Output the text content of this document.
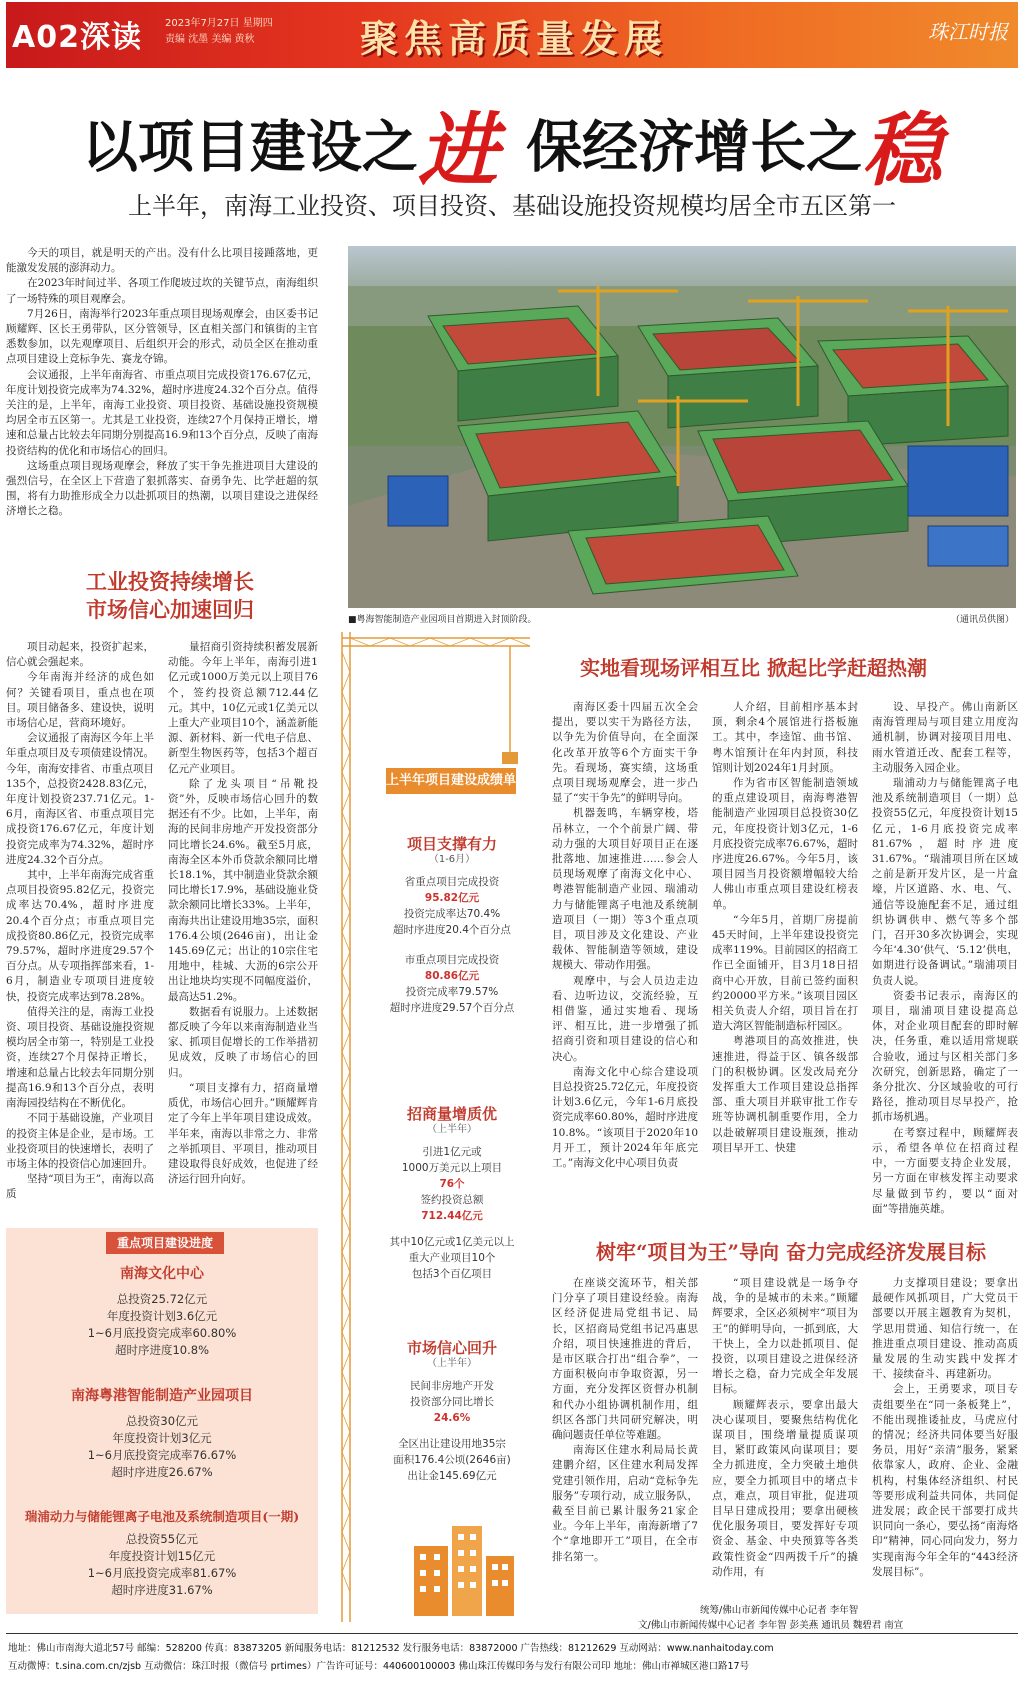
A02深读 2023年7月27日 星期四
责编 沈墨 美编 黄秋	聚焦高质量发展	珠江时报
以项目建设之进 保经济增长之稳
上半年，南海工业投资、项目投资、基础设施投资规模均居全市五区第一

今天的项目，就是明天的产出。没有什么比项目接踵落地，更能激发发展的澎湃动力。

在2023年时间过半、各项工作爬坡过坎的关键节点，南海组织了一场特殊的项目观摩会。

7月26日，南海举行2023年重点项目现场观摩会，由区委书记顾耀辉、区长王勇带队，区分管领导，区直相关部门和镇街的主官悉数参加，以先观摩项目、后组织开会的形式，动员全区在推动重点项目建设上竞标争先、赛龙夺锦。

会议通报，上半年南海省、市重点项目完成投资176.67亿元，年度计划投资完成率为74.32%，超时序进度24.32个百分点。值得关注的是，上半年，南海工业投资、项目投资、基础设施投资规模均居全市五区第一。尤其是工业投资，连续27个月保持正增长，增速和总量占比较去年同期分别提高16.9和13个百分点，反映了南海投资结构的优化和市场信心的回归。

这场重点项目现场观摩会，释放了实干争先推进项目大建设的强烈信号，在全区上下营造了狠抓落实、奋勇争先、比学赶超的氛围，将有力助推形成全力以赴抓项目的热潮，以项目建设之进保经济增长之稳。

■粤海智能制造产业园项目首期进入封顶阶段。	（通讯员供图）
工业投资持续增长
市场信心加速回归

项目动起来，投资扩起来，信心就会强起来。

今年南海并经济的成色如何？关键看项目，重点也在项目。项目储备多、建设快，说明市场信心足，营商环境好。

会议通报了南海区今年上半年重点项目及专项债建设情况。今年，南海安排省、市重点项目135个，总投资2428.83亿元，年度计划投资237.71亿元。1-6月，南海区省、市重点项目完成投资176.67亿元，年度计划投资完成率为74.32%，超时序进度24.32个百分点。

其中，上半年南海完成省重点项目投资95.82亿元，投资完成率达70.4%，超时序进度20.4个百分点；市重点项目完成投资80.86亿元，投资完成率79.57%，超时序进度29.57个百分点。从专项指挥部来看，1-6月，制造业专项项目进度较快，投资完成率达到78.28%。

值得关注的是，南海工业投资、项目投资、基础设施投资规模均居全市第一，特别是工业投资，连续27个月保持正增长，增速和总量占比较去年同期分别提高16.9和13个百分点，表明南海园投结构在不断优化。

不同于基础设施，产业项目的投资主体是企业，是市场。工业投资项目的快速增长，表明了市场主体的投资信心加速回升。

坚持“项目为王”，南海以高质

量招商引资持续积蓄发展新动能。今年上半年，南海引进1亿元或1000万美元以上项目76个，签约投资总额712.44亿元。其中，10亿元或1亿美元以上重大产业项目10个，涵盖新能源、新材料、新一代电子信息、新型生物医药等，包括3个超百亿元产业项目。

除了龙头项目“吊靴投资”外，反映市场信心回升的数据还有不少。比如，上半年，南海的民间非房地产开发投资部分同比增长24.6%。截至5月底，南海全区本外币贷款余额同比增长18.1%，其中制造业贷款余额同比增长17.9%，基础设施业贷款余额同比增长33%。上半年，南海共出让建设用地35宗，面积176.4公顷(2646亩)，出让金145.69亿元；出让的10宗住宅用地中，桂城、大沥的6宗公开出让地块均实现不同幅度溢价，最高达51.2%。

数据看有说服力。上述数据都反映了今年以来南海制造业当家、抓项目促增长的工作举措初见成效，反映了市场信心的回归。

“项目支撑有力，招商量增质优，市场信心回升。”顾耀辉肯定了今年上半年项目建设成效。半年来，南海以非常之力、非常之举抓项目、平项目，推动项目建设取得良好成效，也促进了经济运行回升向好。

上半年项目建设成绩单
项目支撑有力
（1-6月）
省重点项目完成投资
95.82亿元
投资完成率达70.4%
超时序进度20.4个百分点
市重点项目完成投资
80.86亿元
投资完成率79.57%
超时序进度29.57个百分点
招商量增质优
（上半年）
引进1亿元或
1000万美元以上项目
76个
签约投资总额
712.44亿元
其中10亿元或1亿美元以上
重大产业项目10个
包括3个百亿项目
市场信心回升
（上半年）
民间非房地产开发
投资部分同比增长
24.6%
全区出让建设用地35宗
面积176.4公顷(2646亩)
出让金145.69亿元
实地看现场评相互比 掀起比学赶超热潮

南海区委十四届五次全会提出，要以实干为路径方法，以争先为价值导向，在全面深化改革开放等6个方面实干争先。看现场，赛实绩，这场重点项目现场观摩会，进一步凸显了“实干争先”的鲜明导向。

机器轰鸣，车辆穿梭，塔吊林立，一个个前景广阔、带动力强的大项目好项目正在逐批落地、加速推进……参会人员现场观摩了南海文化中心、粤港智能制造产业园、瑞浦动力与储能锂离子电池及系统制造项目（一期）等3个重点项目，项目涉及文化建设、产业载体、智能制造等领域，建设规模大、带动作用强。

观摩中，与会人员边走边看、边听边议，交流经验，互相借鉴，通过实地看、现场评、相互比，进一步增强了抓招商引资和项目建设的信心和决心。

南海文化中心综合建设项目总投资25.72亿元，年度投资计划3.6亿元，今年1-6月底投资完成率60.80%，超时序进度10.8%。“该项目于2020年10月开工，预计2024年年底完工。”南海文化中心项目负责

人介绍，目前相序基本封顶，剩余4个展馆进行搭板施工。其中，李逵馆、曲书馆、粤木馆预计在年内封顶，科技馆则计划2024年1月封顶。

作为省市区智能制造领域的重点建设项目，南海粤港智能制造产业园项目总投资30亿元，年度投资计划3亿元，1-6月底投资完成率76.67%，超时序进度26.67%。今年5月，该项目园当月投资额增幅较大给人佛山市重点项目建设红榜表单。

“今年5月，首期厂房提前45天时间，上半年建设投资完成率119%。目前园区的招商工作已全面铺开，目3月18日招商中心开放，目前已签约面积约20000平方米。”该项目园区相关负责人介绍，项目旨在打造大湾区智能制造标杆园区。

粤港项目的高效推进，快速推进，得益于区、镇各级部门的积极协调。区发改局充分发挥重大工作项目建设总指挥部、重大项目并联审批工作专班等协调机制重要作用，全力以赴破解项目建设瓶颈，推动项目早开工、快建

设、早投产。佛山南新区南海管理局与项目建立用度沟通机制，协调对接项目用电、雨水管道迁改、配套工程等，主动服务入园企业。

瑞浦动力与储能锂离子电池及系统制造项目（一期）总投资55亿元，年度投资计划15亿元，1-6月底投资完成率81.67%，超时序进度31.67%。“瑞浦项目所在区域之前是新开发片区，是一片盒壕，片区道路、水、电、气、通信等设施配套不足，通过组织协调供申、燃气等多个部门，召开30多次协调会，实现今年‘4.30’供气、‘5.12’供电，如期进行设备调试。”瑞浦项目负责人说。

资委书记表示，南海区的项目，瑞浦项目建设提高总体，对企业项目配套的即时解决，任务重，难以适用常规联合验收，通过与区相关部门多次研究，创新思路，确定了一条分批次、分区域验收的可行路径，推动项目尽早投产，抢抓市场机遇。

在考察过程中，顾耀辉表示，希望各单位在招商过程中，一方面要支持企业发展，另一方面在审核发挥主动要求尽量做到节约，要以“面对面”等措施英雄。

树牢“项目为王”导向 奋力完成经济发展目标

在座谈交流环节，相关部门分享了项目建设经验。南海区经济促进局党组书记、局长，区招商局党组书记冯惠思介绍，项目快速推进的背后，是市区联合打出“组合拳”，一方面积极向市争取资源，另一方面，充分发挥区资督办机制和代办小组协调机制作用，组织区各部门共同研究解决，明确问题责任单位等难题。

南海区住建水利局局长黄建鹏介绍，区住建水利局发挥党建引领作用，启动“竞标争先服务”专项行动，成立服务队，截至目前已累计服务21家企业。今年上半年，南海新增了7个“拿地即开工”项目，在全市排名第一。

“项目建设就是一场争夺战，争的是城市的未来。”顾耀辉要求，全区必须树牢“项目为王”的鲜明导向，一抓到底，大干快上，全力以赴抓项目、促投资，以项目建设之进保经济增长之稳，奋力完成全年发展目标。

顾耀辉表示，要拿出最大决心谋项目，要聚焦结构优化谋项目，围绕增量提质谋项目，紧盯政策风向谋项目；要全力抓进度，全力突破土地供应，要全力抓项目中的堵点卡点，难点，项目审批，促进项目早日建成投用；要拿出硬核优化服务项目，要发挥好专项资金、基金、中央预算等各类政策性资金“四两拨千斤”的撬动作用，有

力支撑项目建设；要拿出最硬作风抓项目，广大党员干部要以开展主题教育为契机，学思用贯通、知信行统一，在推进重点项目建设、推动高质量发展的生动实践中发挥才干、接续奋斗、再建新功。

会上，王勇要求，项目专责组要坐在“同一条板凳上”，不能出现推诿扯皮，马虎应付的情况；经济共同体要当好服务员，用好“亲清”服务，紧紧依靠家人，政府、企业、金融机构，村集体经济组织、村民等要形成利益共同体，共同促进发展；政企民干部要打成共识同向一条心，要弘扬“南海烙印”精神，同心同向发力，努力实现南海今年全年的“443经济发展目标”。

重点项目建设进度
南海文化中心
总投资25.72亿元
年度投资计划3.6亿元
1~6月底投资完成率60.80%
超时序进度10.8%
南海粤港智能制造产业园项目
总投资30亿元
年度投资计划3亿元
1~6月底投资完成率76.67%
超时序进度26.67%
瑞浦动力与储能锂离子电池及系统制造项目(一期)
总投资55亿元
年度投资计划15亿元
1~6月底投资完成率81.67%
超时序进度31.67%
统筹/佛山市新闻传媒中心记者 李年智
文/佛山市新闻传媒中心记者 李年智 彭美燕 通讯员 魏碧君 南宣
地址：佛山市南海大道北57号 邮编：528200 传真：83873205 新闻服务电话：81212532 发行服务电话：83872000 广告热线：81212629 互动网站：www.nanhaitoday.com
互动微博：t.sina.com.cn/zjsb 互动微信：珠江时报（微信号 prtimes）广告许可证号：440600100003 佛山珠江传媒印务与发行有限公司印 地址：佛山市禅城区港口路17号
